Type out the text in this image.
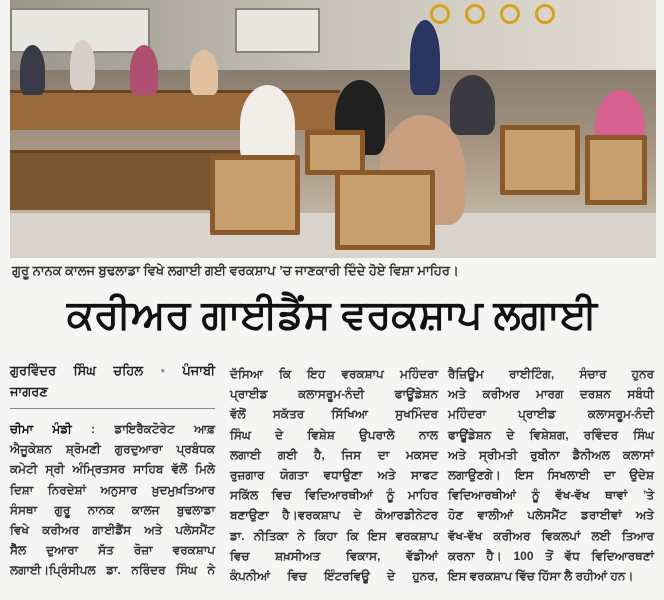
ਗੁਰੂ ਨਾਨਕ ਕਾਲਜ ਬੁਢਲਾਡਾ ਵਿਖੇ ਲਗਾਈ ਗਈ ਵਰਕਸ਼ਾਪ ’ਚ ਜਾਣਕਾਰੀ ਦਿੰਦੇ ਹੋਏ ਵਿਸ਼ਾ ਮਾਹਿਰ।
ਕਰੀਅਰ ਗਾਈਡੈਂਸ ਵਰਕਸ਼ਾਪ ਲਗਾਈ
ਗੁਰਵਿੰਦਰ ਸਿੰਘ ਚਹਿਲ • ਪੰਜਾਬੀ
ਜਾਗਰਣ
ਚੀਮਾ ਮੰਡੀ : ਡਾਇਰੈਕਟੋਰੇਟ ਆਫ਼
ਐਜੂਕੇਸ਼ਨ ਸ਼੍ਰੋਮਣੀ ਗੁਰਦੁਆਰਾ ਪ੍ਰਬੰਧਕ
ਕਮੇਟੀ ਸ੍ਰੀ ਅੰਮ੍ਰਿਤਸਰ ਸਾਹਿਬ ਵੱਲੋਂ ਮਿਲੇ
ਦਿਸ਼ਾ ਨਿਰਦੇਸ਼ਾਂ ਅਨੁਸਾਰ ਖ਼ੁਦਮੁਖ਼ਤਿਆਰ
ਸੰਸਥਾ ਗੁਰੂ ਨਾਨਕ ਕਾਲਜ ਬੁਢਲਾਡਾ
ਵਿਖੇ ਕਰੀਅਰ ਗਾਈਡੈਂਸ ਅਤੇ ਪਲੇਸਮੈਂਟ
ਸੈੱਲ ਦੁਆਰਾ ਸੱਤ ਰੋਜ਼ਾ ਵਰਕਸ਼ਾਪ
ਲਗਾਈ।ਪ੍ਰਿੰਸੀਪਲ ਡਾ. ਨਰਿੰਦਰ ਸਿੰਘ ਨੇ
ਦੱਸਿਆ ਕਿ ਇਹ ਵਰਕਸ਼ਾਪ ਮਹਿੰਦਰਾ
ਪ੍ਰਾਈਡ ਕਲਾਸਰੂਮ-ਨੰਦੀ ਫਾਊਂਡੇਸ਼ਨ
ਵੱਲੋਂ ਸਕੱਤਰ ਸਿੱਖਿਆ ਸੁਖਮਿੰਦਰ
ਸਿੰਘ ਦੇ ਵਿਸ਼ੇਸ਼ ਉਪਰਾਲੇ ਨਾਲ
ਲਗਾਈ ਗਈ ਹੈ, ਜਿਸ ਦਾ ਮਕਸਦ
ਰੁਜ਼ਗਾਰ ਯੋਗਤਾ ਵਧਾਉਣਾ ਅਤੇ ਸਾਫਟ
ਸਕਿੱਲ ਵਿਚ ਵਿਦਿਆਰਥੀਆਂ ਨੂੰ ਮਾਹਿਰ
ਬਣਾਉਣਾ ਹੈ।ਵਰਕਸ਼ਾਪ ਦੇ ਕੋਆਰਡੀਨੇਟਰ
ਡਾ. ਨੀਤਿਕਾ ਨੇ ਕਿਹਾ ਕਿ ਇਸ ਵਰਕਸ਼ਾਪ
ਵਿਚ ਸ਼ਖ਼ਸੀਅਤ ਵਿਕਾਸ, ਵੱਡੀਆਂ
ਕੰਪਨੀਆਂ ਵਿਚ ਇੰਟਰਵਿਊ ਦੇ ਹੁਨਰ,
ਰੈਜ਼ਿਊਮ ਰਾਈਟਿੰਗ, ਸੰਚਾਰ ਹੁਨਰ
ਅਤੇ ਕਰੀਅਰ ਮਾਰਗ ਦਰਸ਼ਨ ਸਬੰਧੀ
ਮਹਿੰਦਰਾ ਪ੍ਰਾਈਡ ਕਲਾਸਰੂਮ-ਨੰਦੀ
ਫਾਊਂਡੇਸ਼ਨ ਦੇ ਵਿਸ਼ੇਸ਼ਗ, ਰਵਿੰਦਰ ਸਿੰਘ
ਅਤੇ ਸ੍ਰੀਮਤੀ ਰੁਬੀਨਾ ਡੈਨੀਅਲ ਕਲਾਸਾਂ
ਲਗਾਉਣਗੇ। ਇਸ ਸਿਖਲਾਈ ਦਾ ਉਦੇਸ਼
ਵਿਦਿਆਰਥੀਆਂ ਨੂੰ ਵੱਖ-ਵੱਖ ਥਾਵਾਂ ’ਤੇ
ਹੋਣ ਵਾਲੀਆਂ ਪਲੇਸਮੈਂਟ ਡਰਾਈਵਾਂ ਅਤੇ
ਵੱਖ-ਵੱਖ ਕਰੀਅਰ ਵਿਕਲਪਾਂ ਲਈ ਤਿਆਰ
ਕਰਨਾ ਹੈ। 100 ਤੋਂ ਵੱਧ ਵਿਦਿਆਰਥਣਾਂ
ਇਸ ਵਰਕਸ਼ਾਪ ਵਿੱਚ ਹਿੱਸਾ ਲੈ ਰਹੀਆਂ ਹਨ।
